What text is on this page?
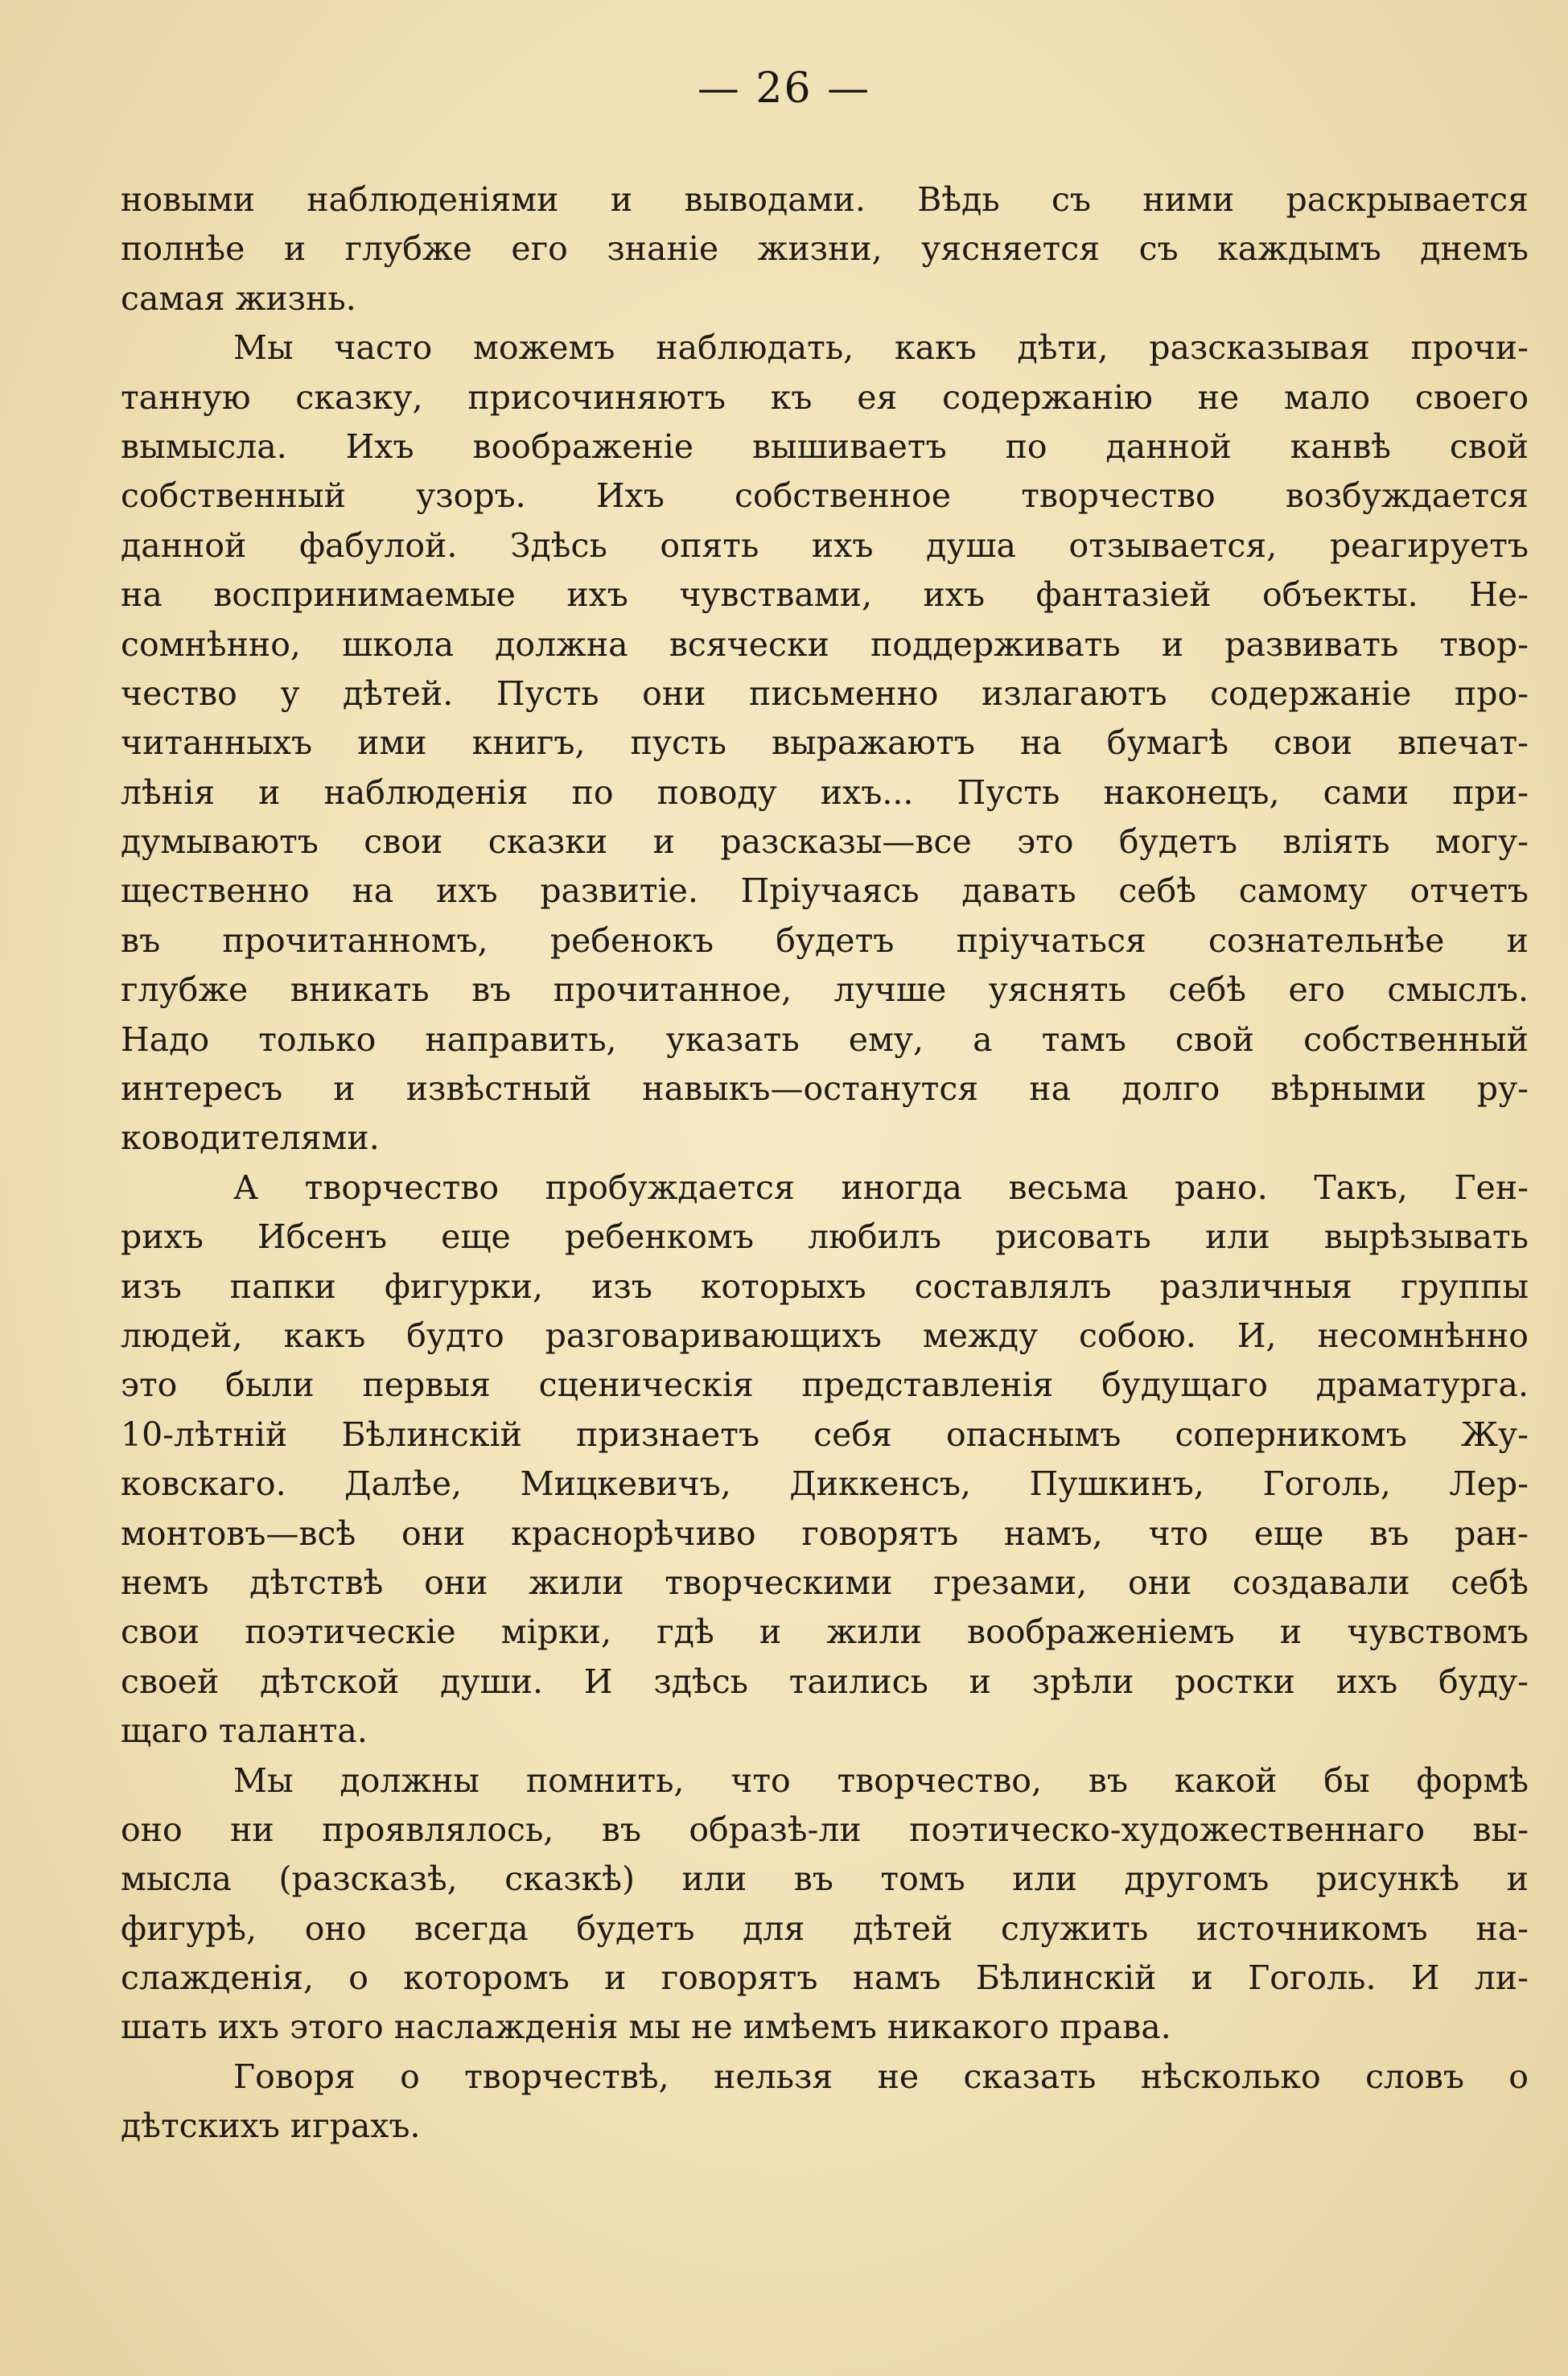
— 26 —
новыми наблюденіями и выводами. Вѣдь съ ними раскрывается
полнѣе и глубже его знаніе жизни, уясняется съ каждымъ днемъ
самая жизнь.
Мы часто можемъ наблюдать, какъ дѣти, разсказывая прочи-
танную сказку, присочиняютъ къ ея содержанію не мало своего
вымысла. Ихъ воображеніе вышиваетъ по данной канвѣ свой
собственный узоръ. Ихъ собственное творчество возбуждается
данной фабулой. Здѣсь опять ихъ душа отзывается, реагируетъ
на воспринимаемые ихъ чувствами, ихъ фантазіей объекты. Не-
сомнѣнно, школа должна всячески поддерживать и развивать твор-
чество у дѣтей. Пусть они письменно излагаютъ содержаніе про-
читанныхъ ими книгъ, пусть выражаютъ на бумагѣ свои впечат-
лѣнія и наблюденія по поводу ихъ... Пусть наконецъ, сами при-
думываютъ свои сказки и разсказы—все это будетъ вліять могу-
щественно на ихъ развитіе. Пріучаясь давать себѣ самому отчетъ
въ прочитанномъ, ребенокъ будетъ пріучаться сознательнѣе и
глубже вникать въ прочитанное, лучше уяснять себѣ его смыслъ.
Надо только направить, указать ему, а тамъ свой собственный
интересъ и извѣстный навыкъ—останутся на долго вѣрными ру-
ководителями.
А творчество пробуждается иногда весьма рано. Такъ, Ген-
рихъ Ибсенъ еще ребенкомъ любилъ рисовать или вырѣзывать
изъ папки фигурки, изъ которыхъ составлялъ различныя группы
людей, какъ будто разговаривающихъ между собою. И, несомнѣнно
это были первыя сценическія представленія будущаго драматурга.
10-лѣтній Бѣлинскій признаетъ себя опаснымъ соперникомъ Жу-
ковскаго. Далѣе, Мицкевичъ, Диккенсъ, Пушкинъ, Гоголь, Лер-
монтовъ—всѣ они краснорѣчиво говорятъ намъ, что еще въ ран-
немъ дѣтствѣ они жили творческими грезами, они создавали себѣ
свои поэтическіе мірки, гдѣ и жили воображеніемъ и чувствомъ
своей дѣтской души. И здѣсь таились и зрѣли ростки ихъ буду-
щаго таланта.
Мы должны помнить, что творчество, въ какой бы формѣ
оно ни проявлялось, въ образѣ-ли поэтическо-художественнаго вы-
мысла (разсказѣ, сказкѣ) или въ томъ или другомъ рисункѣ и
фигурѣ, оно всегда будетъ для дѣтей служить источникомъ на-
слажденія, о которомъ и говорятъ намъ Бѣлинскій и Гоголь. И ли-
шать ихъ этого наслажденія мы не имѣемъ никакого права.
Говоря о творчествѣ, нельзя не сказать нѣсколько словъ о
дѣтскихъ играхъ.
